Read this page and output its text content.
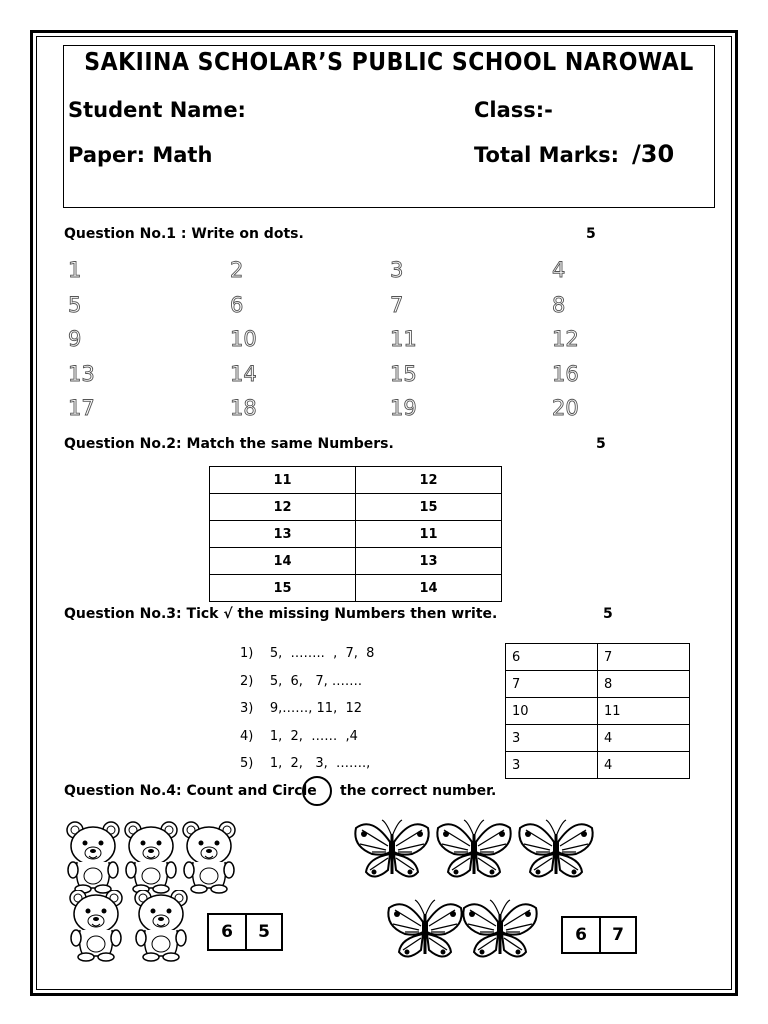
SAKIINA SCHOLAR’S PUBLIC SCHOOL NAROWAL
Student Name:	Class:-
Paper: Math	Total Marks: /30
Question No.1 : Write on dots.	5
1	2	3	4
5	6	7	8
9	10	11	12
13	14	15	16
17	18	19	20
Question No.2: Match the same Numbers.	5
11	12
12	15
13	11
14	13
15	14
Question No.3: Tick √ the missing Numbers then write.	5
1)    5,  ……..  ,  7,  8
2)    5,  6,   7, …….
3)    9,……, 11,  12
4)    1,  2,  ……  ,4
5)    1,  2,   3,  …….,
6	7
7	8
10	11
3	4
3	4
Question No.4: Count and Circle the correct number.
6	5	6	7
